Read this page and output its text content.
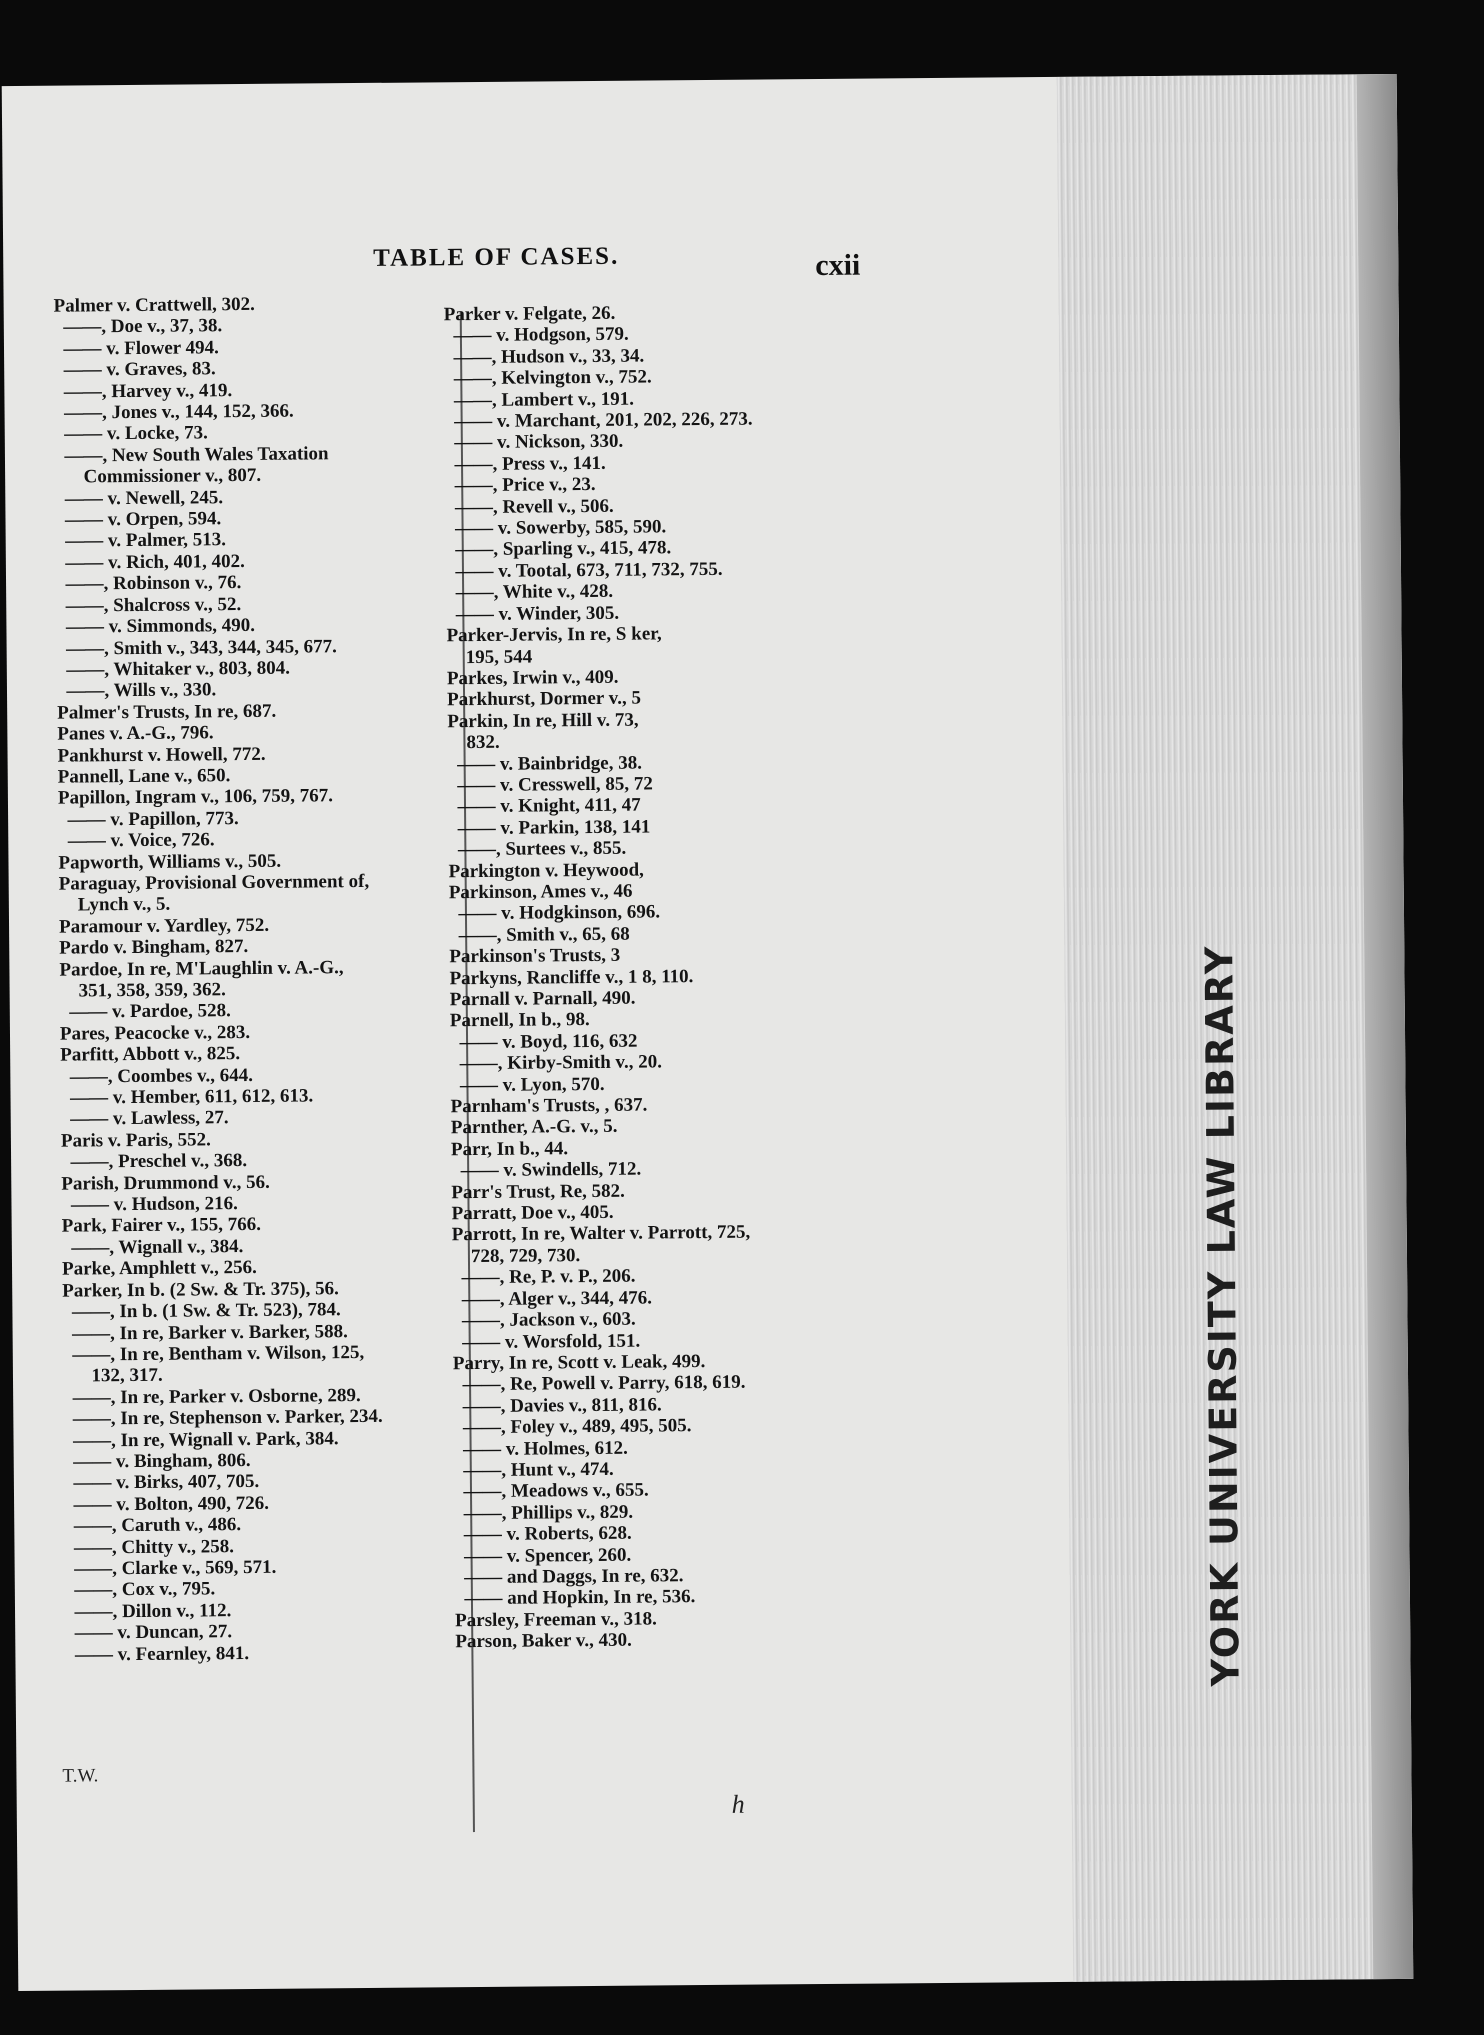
YORK UNIVERSITY LAW LIBRARY
TABLE OF CASES.	cxii
Palmer v. Crattwell, 302.
——, Doe v., 37, 38.
—— v. Flower 494.
—— v. Graves, 83.
——, Harvey v., 419.
——, Jones v., 144, 152, 366.
—— v. Locke, 73.
——, New South Wales Taxation
Commissioner v., 807.
—— v. Newell, 245.
—— v. Orpen, 594.
—— v. Palmer, 513.
—— v. Rich, 401, 402.
——, Robinson v., 76.
——, Shalcross v., 52.
—— v. Simmonds, 490.
——, Smith v., 343, 344, 345, 677.
——, Whitaker v., 803, 804.
——, Wills v., 330.
Palmer's Trusts, In re, 687.
Panes v. A.-G., 796.
Pankhurst v. Howell, 772.
Pannell, Lane v., 650.
Papillon, Ingram v., 106, 759, 767.
—— v. Papillon, 773.
—— v. Voice, 726.
Papworth, Williams v., 505.
Paraguay, Provisional Government of,
Lynch v., 5.
Paramour v. Yardley, 752.
Pardo v. Bingham, 827.
Pardoe, In re, M'Laughlin v. A.-G.,
351, 358, 359, 362.
—— v. Pardoe, 528.
Pares, Peacocke v., 283.
Parfitt, Abbott v., 825.
——, Coombes v., 644.
—— v. Hember, 611, 612, 613.
—— v. Lawless, 27.
Paris v. Paris, 552.
——, Preschel v., 368.
Parish, Drummond v., 56.
—— v. Hudson, 216.
Park, Fairer v., 155, 766.
——, Wignall v., 384.
Parke, Amphlett v., 256.
Parker, In b. (2 Sw. & Tr. 375), 56.
——, In b. (1 Sw. & Tr. 523), 784.
——, In re, Barker v. Barker, 588.
——, In re, Bentham v. Wilson, 125,
132, 317.
——, In re, Parker v. Osborne, 289.
——, In re, Stephenson v. Parker, 234.
——, In re, Wignall v. Park, 384.
—— v. Bingham, 806.
—— v. Birks, 407, 705.
—— v. Bolton, 490, 726.
——, Caruth v., 486.
——, Chitty v., 258.
——, Clarke v., 569, 571.
——, Cox v., 795.
——, Dillon v., 112.
—— v. Duncan, 27.
—— v. Fearnley, 841.
Parker v. Felgate, 26.
—— v. Hodgson, 579.
——, Hudson v., 33, 34.
——, Kelvington v., 752.
——, Lambert v., 191.
—— v. Marchant, 201, 202, 226, 273.
—— v. Nickson, 330.
——, Press v., 141.
——, Price v., 23.
——, Revell v., 506.
—— v. Sowerby, 585, 590.
——, Sparling v., 415, 478.
—— v. Tootal, 673, 711, 732, 755.
——, White v., 428.
—— v. Winder, 305.
Parker-Jervis, In re, S ker,
195, 544
Parkes, Irwin v., 409.
Parkhurst, Dormer v., 5
Parkin, In re, Hill v. 73,
832.
—— v. Bainbridge, 38.
—— v. Cresswell, 85, 72
—— v. Knight, 411, 47
—— v. Parkin, 138, 141
——, Surtees v., 855.
Parkington v. Heywood,
Parkinson, Ames v., 46
—— v. Hodgkinson, 696.
——, Smith v., 65, 68
Parkinson's Trusts, 3
Parkyns, Rancliffe v., 1 8, 110.
Parnall v. Parnall, 490.
Parnell, In b., 98.
—— v. Boyd, 116, 632
——, Kirby-Smith v., 20.
—— v. Lyon, 570.
Parnham's Trusts, , 637.
Parnther, A.-G. v., 5.
Parr, In b., 44.
—— v. Swindells, 712.
Parr's Trust, Re, 582.
Parratt, Doe v., 405.
Parrott, In re, Walter v. Parrott, 725,
728, 729, 730.
——, Re, P. v. P., 206.
——, Alger v., 344, 476.
——, Jackson v., 603.
—— v. Worsfold, 151.
Parry, In re, Scott v. Leak, 499.
——, Re, Powell v. Parry, 618, 619.
——, Davies v., 811, 816.
——, Foley v., 489, 495, 505.
—— v. Holmes, 612.
——, Hunt v., 474.
——, Meadows v., 655.
——, Phillips v., 829.
—— v. Roberts, 628.
—— v. Spencer, 260.
—— and Daggs, In re, 632.
—— and Hopkin, In re, 536.
Parsley, Freeman v., 318.
Parson, Baker v., 430.
T.W.
h
